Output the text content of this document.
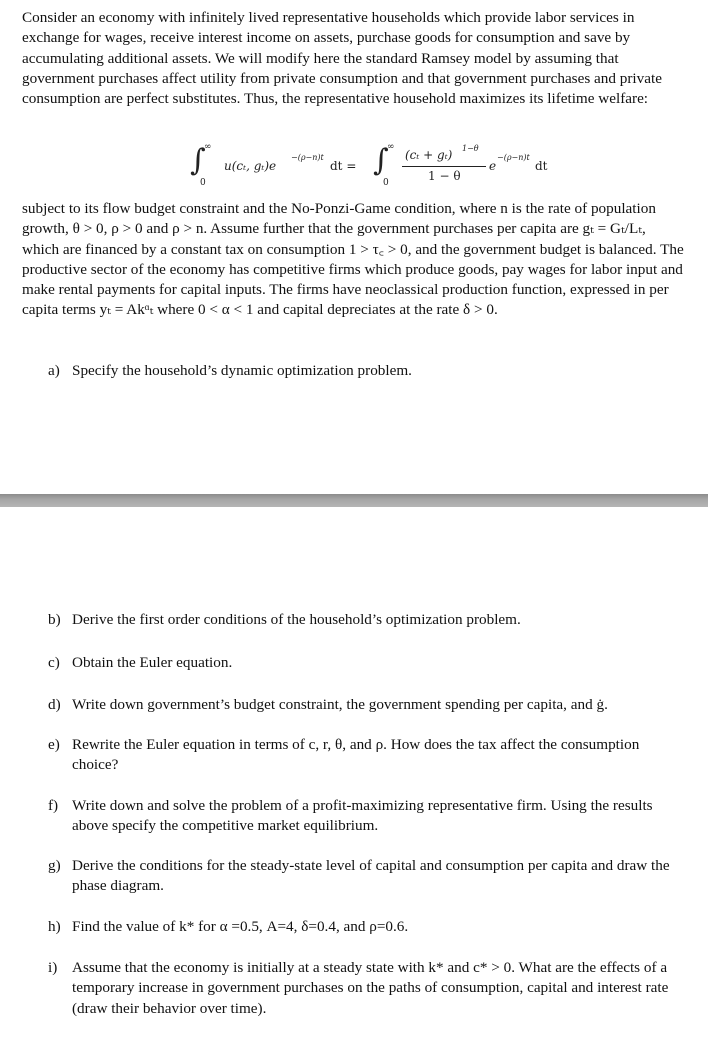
Consider an economy with infinitely lived representative households which provide labor services in exchange for wages, receive interest income on assets, purchase goods for consumption and save by accumulating additional assets. We will modify here the standard Ramsey model by assuming that government purchases affect utility from private consumption and that government purchases and private consumption are perfect substitutes. Thus, the representative household maximizes its lifetime welfare:

∫
∞
0
u(cₜ, gₜ)e
−(ρ−n)t
dt = ∫
∞
0
(cₜ + gₜ) 1−θ
1 − θ
e
−(ρ−n)t
dt

subject to its flow budget constraint and the No-Ponzi-Game condition, where n is the rate of population growth, θ > 0, ρ > 0 and ρ > n. Assume further that the government purchases per capita are gₜ = Gₜ/Lₜ, which are financed by a constant tax on consumption 1 > τ꜀ > 0, and the government budget is balanced. The productive sector of the economy has competitive firms which produce goods, pay wages for labor input and make rental payments for capital inputs. The firms have neoclassical production function, expressed in per capita terms yₜ = Akᵅₜ where 0 < α < 1 and capital depreciates at the rate δ > 0.

a) Specify the household’s dynamic optimization problem.
b) Derive the first order conditions of the household’s optimization problem.
c) Obtain the Euler equation.
d) Write down government’s budget constraint, the government spending per capita, and ġ.
e) Rewrite the Euler equation in terms of c, r, θ, and ρ. How does the tax affect the consumption choice?
f) Write down and solve the problem of a profit-maximizing representative firm. Using the results above specify the competitive market equilibrium.
g) Derive the conditions for the steady-state level of capital and consumption per capita and draw the phase diagram.
h) Find the value of k* for α =0.5, A=4, δ=0.4, and ρ=0.6.
i) Assume that the economy is initially at a steady state with k* and c* > 0. What are the effects of a temporary increase in government purchases on the paths of consumption, capital and interest rate (draw their behavior over time).
